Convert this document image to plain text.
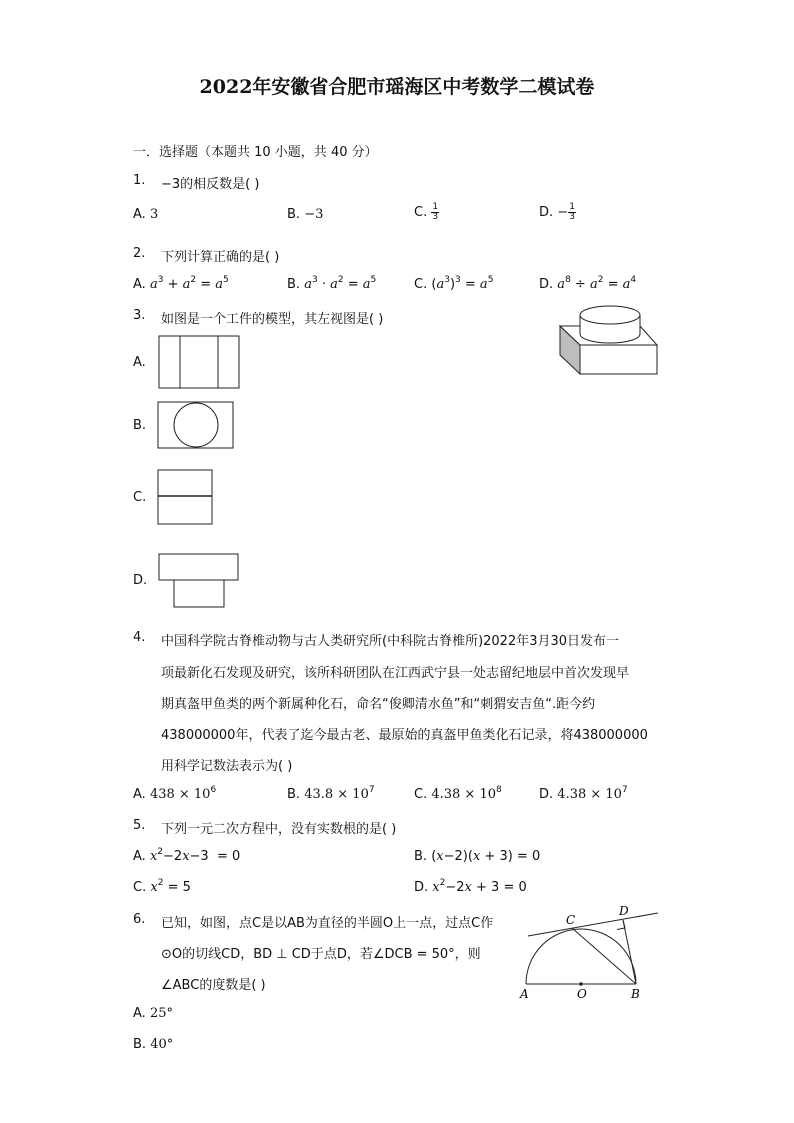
2022年安徽省合肥市瑶海区中考数学二模试卷
一．选择题（本题共 10 小题，共 40 分）
1. −3的相反数是( )
A. 3	B. −3	C. $\frac{1}{3}$	D. − $\frac{1}{3}$
2. 下列计算正确的是( )
A. $a^3 + a^2 = a^5$	B. $a^3 \cdot a^2 = a^5$	C. $(a^3)^3 = a^5$	D. $a^8 \div a^2 = a^4$
3. 如图是一个工件的模型，其左视图是( )
A.
B.
C.
D.
4. 中国科学院古脊椎动物与古人类研究所(中科院古脊椎所)2022年3月30日发布一
项最新化石发现及研究，该所科研团队在江西武宁县一处志留纪地层中首次发现早
期真盔甲鱼类的两个新属种化石，命名“俊卿清水鱼”和“刺猬安吉鱼“.距今约
438000000年，代表了迄今最古老、最原始的真盔甲鱼类化石记录，将438000000
用科学记数法表示为( )
A. $438 \times 10^6$	B. $43.8 \times 10^7$	C. $4.38 \times 10^8$	D. $4.38 \times 10^7$
5. 下列一元二次方程中，没有实数根的是( )
A. $x^2-2x-3 = 0$	B. (x−2)(x + 3) = 0
C. $x^2 = 5$	D. $x^2-2x + 3 = 0$
6. 已知，如图，点C是以AB为直径的半圆O上一点，过点C作
⊙O的切线CD，BD ⊥ CD于点D，若∠DCB = 50°，则
∠ABC的度数是( )
A. 25°
B. 40°
C
D
A	O	B
